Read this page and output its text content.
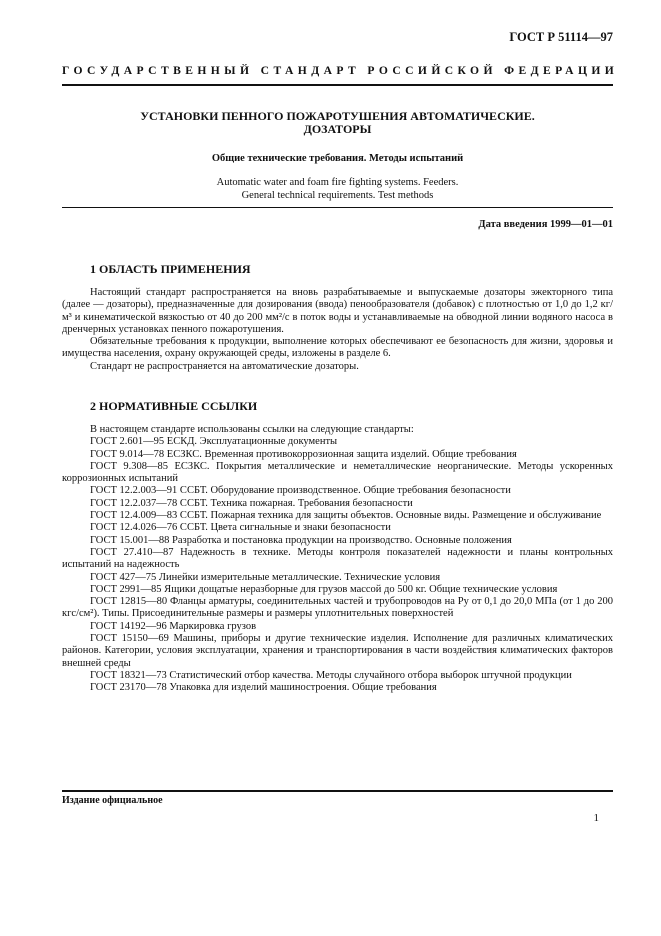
ГОСТ Р 51114—97
ГОСУДАРСТВЕННЫЙ СТАНДАРТ РОССИЙСКОЙ ФЕДЕРАЦИИ
УСТАНОВКИ ПЕННОГО ПОЖАРОТУШЕНИЯ АВТОМАТИЧЕСКИЕ.
ДОЗАТОРЫ
Общие технические требования. Методы испытаний
Automatic water and foam fire fighting systems. Feeders.
General technical requirements. Test methods
Дата введения 1999—01—01
1 ОБЛАСТЬ ПРИМЕНЕНИЯ

Настоящий стандарт распространяется на вновь разрабатываемые и выпускаемые дозаторы эжекторного типа (далее — дозаторы), предназначенные для дозирования (ввода) пенообразователя (добавок) с плотностью от 1,0 до 1,2 кг/м³ и кинематической вязкостью от 40 до 200 мм²/с в поток воды и устанавливаемые на обводной линии водяного насоса в дренчерных установках пенного пожаротушения.

Обязательные требования к продукции, выполнение которых обеспечивают ее безопасность для жизни, здоровья и имущества населения, охрану окружающей среды, изложены в разделе 6.

Стандарт не распространяется на автоматические дозаторы.

2 НОРМАТИВНЫЕ ССЫЛКИ

В настоящем стандарте использованы ссылки на следующие стандарты:

ГОСТ 2.601—95 ЕСКД. Эксплуатационные документы

ГОСТ 9.014—78 ЕСЗКС. Временная противокоррозионная защита изделий. Общие требования

ГОСТ 9.308—85 ЕСЗКС. Покрытия металлические и неметаллические неорганические. Методы ускоренных коррозионных испытаний

ГОСТ 12.2.003—91 ССБТ. Оборудование производственное. Общие требования безопасности

ГОСТ 12.2.037—78 ССБТ. Техника пожарная. Требования безопасности

ГОСТ 12.4.009—83 ССБТ. Пожарная техника для защиты объектов. Основные виды. Размещение и обслуживание

ГОСТ 12.4.026—76 ССБТ. Цвета сигнальные и знаки безопасности

ГОСТ 15.001—88 Разработка и постановка продукции на производство. Основные положения

ГОСТ 27.410—87 Надежность в технике. Методы контроля показателей надежности и планы контрольных испытаний на надежность

ГОСТ 427—75 Линейки измерительные металлические. Технические условия

ГОСТ 2991—85 Ящики дощатые неразборные для грузов массой до 500 кг. Общие технические условия

ГОСТ 12815—80 Фланцы арматуры, соединительных частей и трубопроводов на Pу от 0,1 до 20,0 МПа (от 1 до 200 кгс/см²). Типы. Присоединительные размеры и размеры уплотнительных поверхностей

ГОСТ 14192—96 Маркировка грузов

ГОСТ 15150—69 Машины, приборы и другие технические изделия. Исполнение для различных климатических районов. Категории, условия эксплуатации, хранения и транспортирования в части воздействия климатических факторов внешней среды

ГОСТ 18321—73 Статистический отбор качества. Методы случайного отбора выборок штучной продукции

ГОСТ 23170—78 Упаковка для изделий машиностроения. Общие требования

Издание официальное
1
